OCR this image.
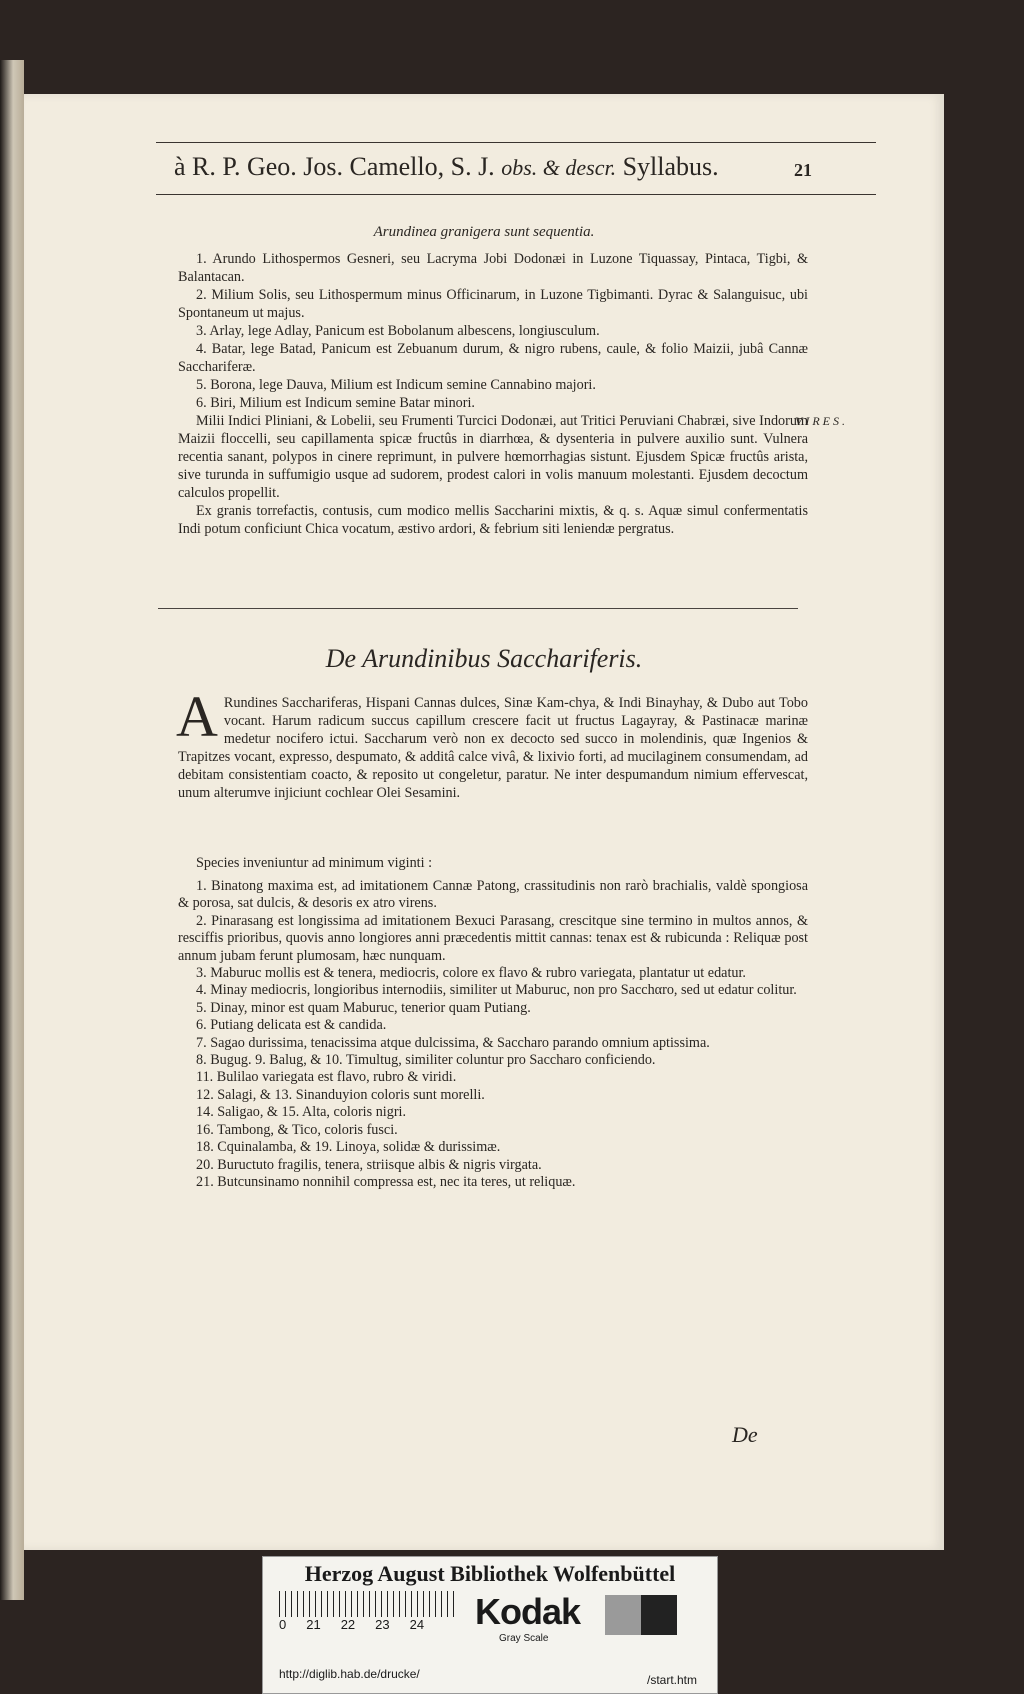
à R. P. Geo. Jos. Camello, S. J. obs. & descr. Syllabus.	21
Arundinea granigera sunt sequentia.

1. Arundo Lithospermos Gesneri, seu Lacryma Jobi Dodonæi in Luzone Tiquassay, Pintaca, Tigbi, & Balantacan.

2. Milium Solis, seu Lithospermum minus Officinarum, in Luzone Tigbimanti. Dyrac & Salanguisuc, ubi Spontaneum ut majus.

3. Arlay, lege Adlay, Panicum est Bobolanum albescens, longiusculum.

4. Batar, lege Batad, Panicum est Zebuanum durum, & nigro rubens, caule, & folio Maizii, jubâ Cannæ Sacchariferæ.

5. Borona, lege Dauva, Milium est Indicum semine Cannabino majori.

6. Biri, Milium est Indicum semine Batar minori.

Milii Indici Pliniani, & Lobelii, seu Frumenti Turcici Dodonæi, aut Tritici Peruviani Chabræi, sive Indorum Maizii floccelli, seu capillamenta spicæ fructûs in diarrhœa, & dysenteria in pulvere auxilio sunt. Vulnera recentia sanant, polypos in cinere reprimunt, in pulvere hœmorrhagias sistunt. Ejusdem Spicæ fructûs arista, sive turunda in suffumigio usque ad sudorem, prodest calori in volis manuum molestanti. Ejusdem decoctum calculos propellit.

Ex granis torrefactis, contusis, cum modico mellis Saccharini mixtis, & q. s. Aquæ simul confermentatis Indi potum conficiunt Chica vocatum, æstivo ardori, & febrium siti leniendæ pergratus.

VIRES.
De Arundinibus Sacchariferis.
A Rundines Sacchariferas, Hispani Cannas dulces, Sinæ Kam-chya, & Indi Binayhay, & Dubo aut Tobo vocant. Harum radicum succus capillum crescere facit ut fructus Lagayray, & Pastinacæ marinæ medetur nocifero ictui. Saccharum verò non ex decocto sed succo in molendinis, quæ Ingenios & Trapitzes vocant, expresso, despumato, & additâ calce vivâ, & lixivio forti, ad mucilaginem consumendam, ad debitam consistentiam coacto, & reposito ut congeletur, paratur. Ne inter despumandum nimium effervescat, unum alterumve injiciunt cochlear Olei Sesamini.
Species inveniuntur ad minimum viginti :

1. Binatong maxima est, ad imitationem Cannæ Patong, crassitudinis non rarò brachialis, valdè spongiosa & porosa, sat dulcis, & desoris ex atro virens.

2. Pinarasang est longissima ad imitationem Bexuci Parasang, crescitque sine termino in multos annos, & resciffis prioribus, quovis anno longiores anni præcedentis mittit cannas: tenax est & rubicunda : Reliquæ post annum jubam ferunt plumosam, hæc nunquam.

3. Maburuc mollis est & tenera, mediocris, colore ex flavo & rubro variegata, plantatur ut edatur.

4. Minay mediocris, longioribus internodiis, similiter ut Maburuc, non pro Sacchαro, sed ut edatur colitur.

5. Dinay, minor est quam Maburuc, tenerior quam Putiang.

6. Putiang delicata est & candida.

7. Sagao durissima, tenacissima atque dulcissima, & Saccharo parando omnium aptissima.

8. Bugug. 9. Balug, & 10. Timultug, similiter coluntur pro Saccharo conficiendo.

11. Bulilao variegata est flavo, rubro & viridi.

12. Salagi, & 13. Sinanduyion coloris sunt morelli.

14. Saligao, & 15. Alta, coloris nigri.

16. Tambong, & Tico, coloris fusci.

18. Cquinalamba, & 19. Linoya, solidæ & durissimæ.

20. Buructuto fragilis, tenera, striisque albis & nigris virgata.

21. Butcunsinamo nonnihil compressa est, nec ita teres, ut reliquæ.

De
Herzog August Bibliothek Wolfenbüttel
0 21 22 23 24 Kodak
Gray Scale
http://diglib.hab.de/drucke/	/start.htm
